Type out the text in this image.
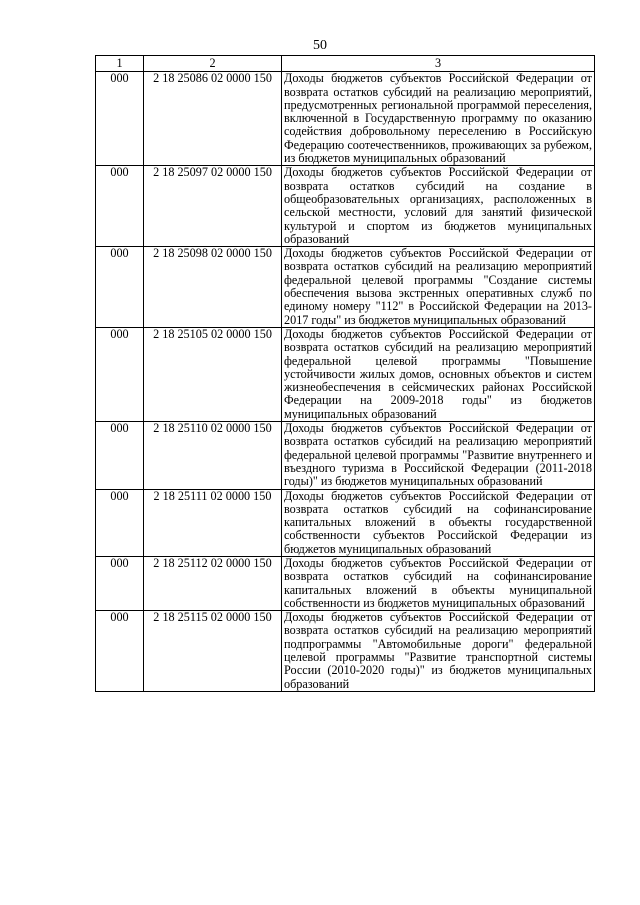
50
1	2	3
000	2 18 25086 02 0000 150	Доходы бюджетов субъектов Российской Федерации от возврата остатков субсидий на реализацию мероприятий, предусмотренных региональной программой переселения, включенной в Государственную программу по оказанию содействия добровольному переселению в Российскую Федерацию соотечественников, проживающих за рубежом, из бюджетов муниципальных образований
000	2 18 25097 02 0000 150	Доходы бюджетов субъектов Российской Федерации от возврата остатков субсидий на создание в общеобразовательных организациях, расположенных в сельской местности, условий для занятий физической культурой и спортом из бюджетов муниципальных образований
000	2 18 25098 02 0000 150	Доходы бюджетов субъектов Российской Федерации от возврата остатков субсидий на реализацию мероприятий федеральной целевой программы "Создание системы обеспечения вызова экстренных оперативных служб по единому номеру "112" в Российской Федерации на 2013-2017 годы" из бюджетов муниципальных образований
000	2 18 25105 02 0000 150	Доходы бюджетов субъектов Российской Федерации от возврата остатков субсидий на реализацию мероприятий федеральной целевой программы "Повышение устойчивости жилых домов, основных объектов и систем жизнеобеспечения в сейсмических районах Российской Федерации на 2009-2018 годы" из бюджетов муниципальных образований
000	2 18 25110 02 0000 150	Доходы бюджетов субъектов Российской Федерации от возврата остатков субсидий на реализацию мероприятий федеральной целевой программы "Развитие внутреннего и въездного туризма в Российской Федерации (2011-2018 годы)" из бюджетов муниципальных образований
000	2 18 25111 02 0000 150	Доходы бюджетов субъектов Российской Федерации от возврата остатков субсидий на софинансирование капитальных вложений в объекты государственной собственности субъектов Российской Федерации из бюджетов муниципальных образований
000	2 18 25112 02 0000 150	Доходы бюджетов субъектов Российской Федерации от возврата остатков субсидий на софинансирование капитальных вложений в объекты муниципальной собственности из бюджетов муниципальных образований
000	2 18 25115 02 0000 150	Доходы бюджетов субъектов Российской Федерации от возврата остатков субсидий на реализацию мероприятий подпрограммы "Автомобильные дороги" федеральной целевой программы "Развитие транспортной системы России (2010-2020 годы)" из бюджетов муниципальных образований
